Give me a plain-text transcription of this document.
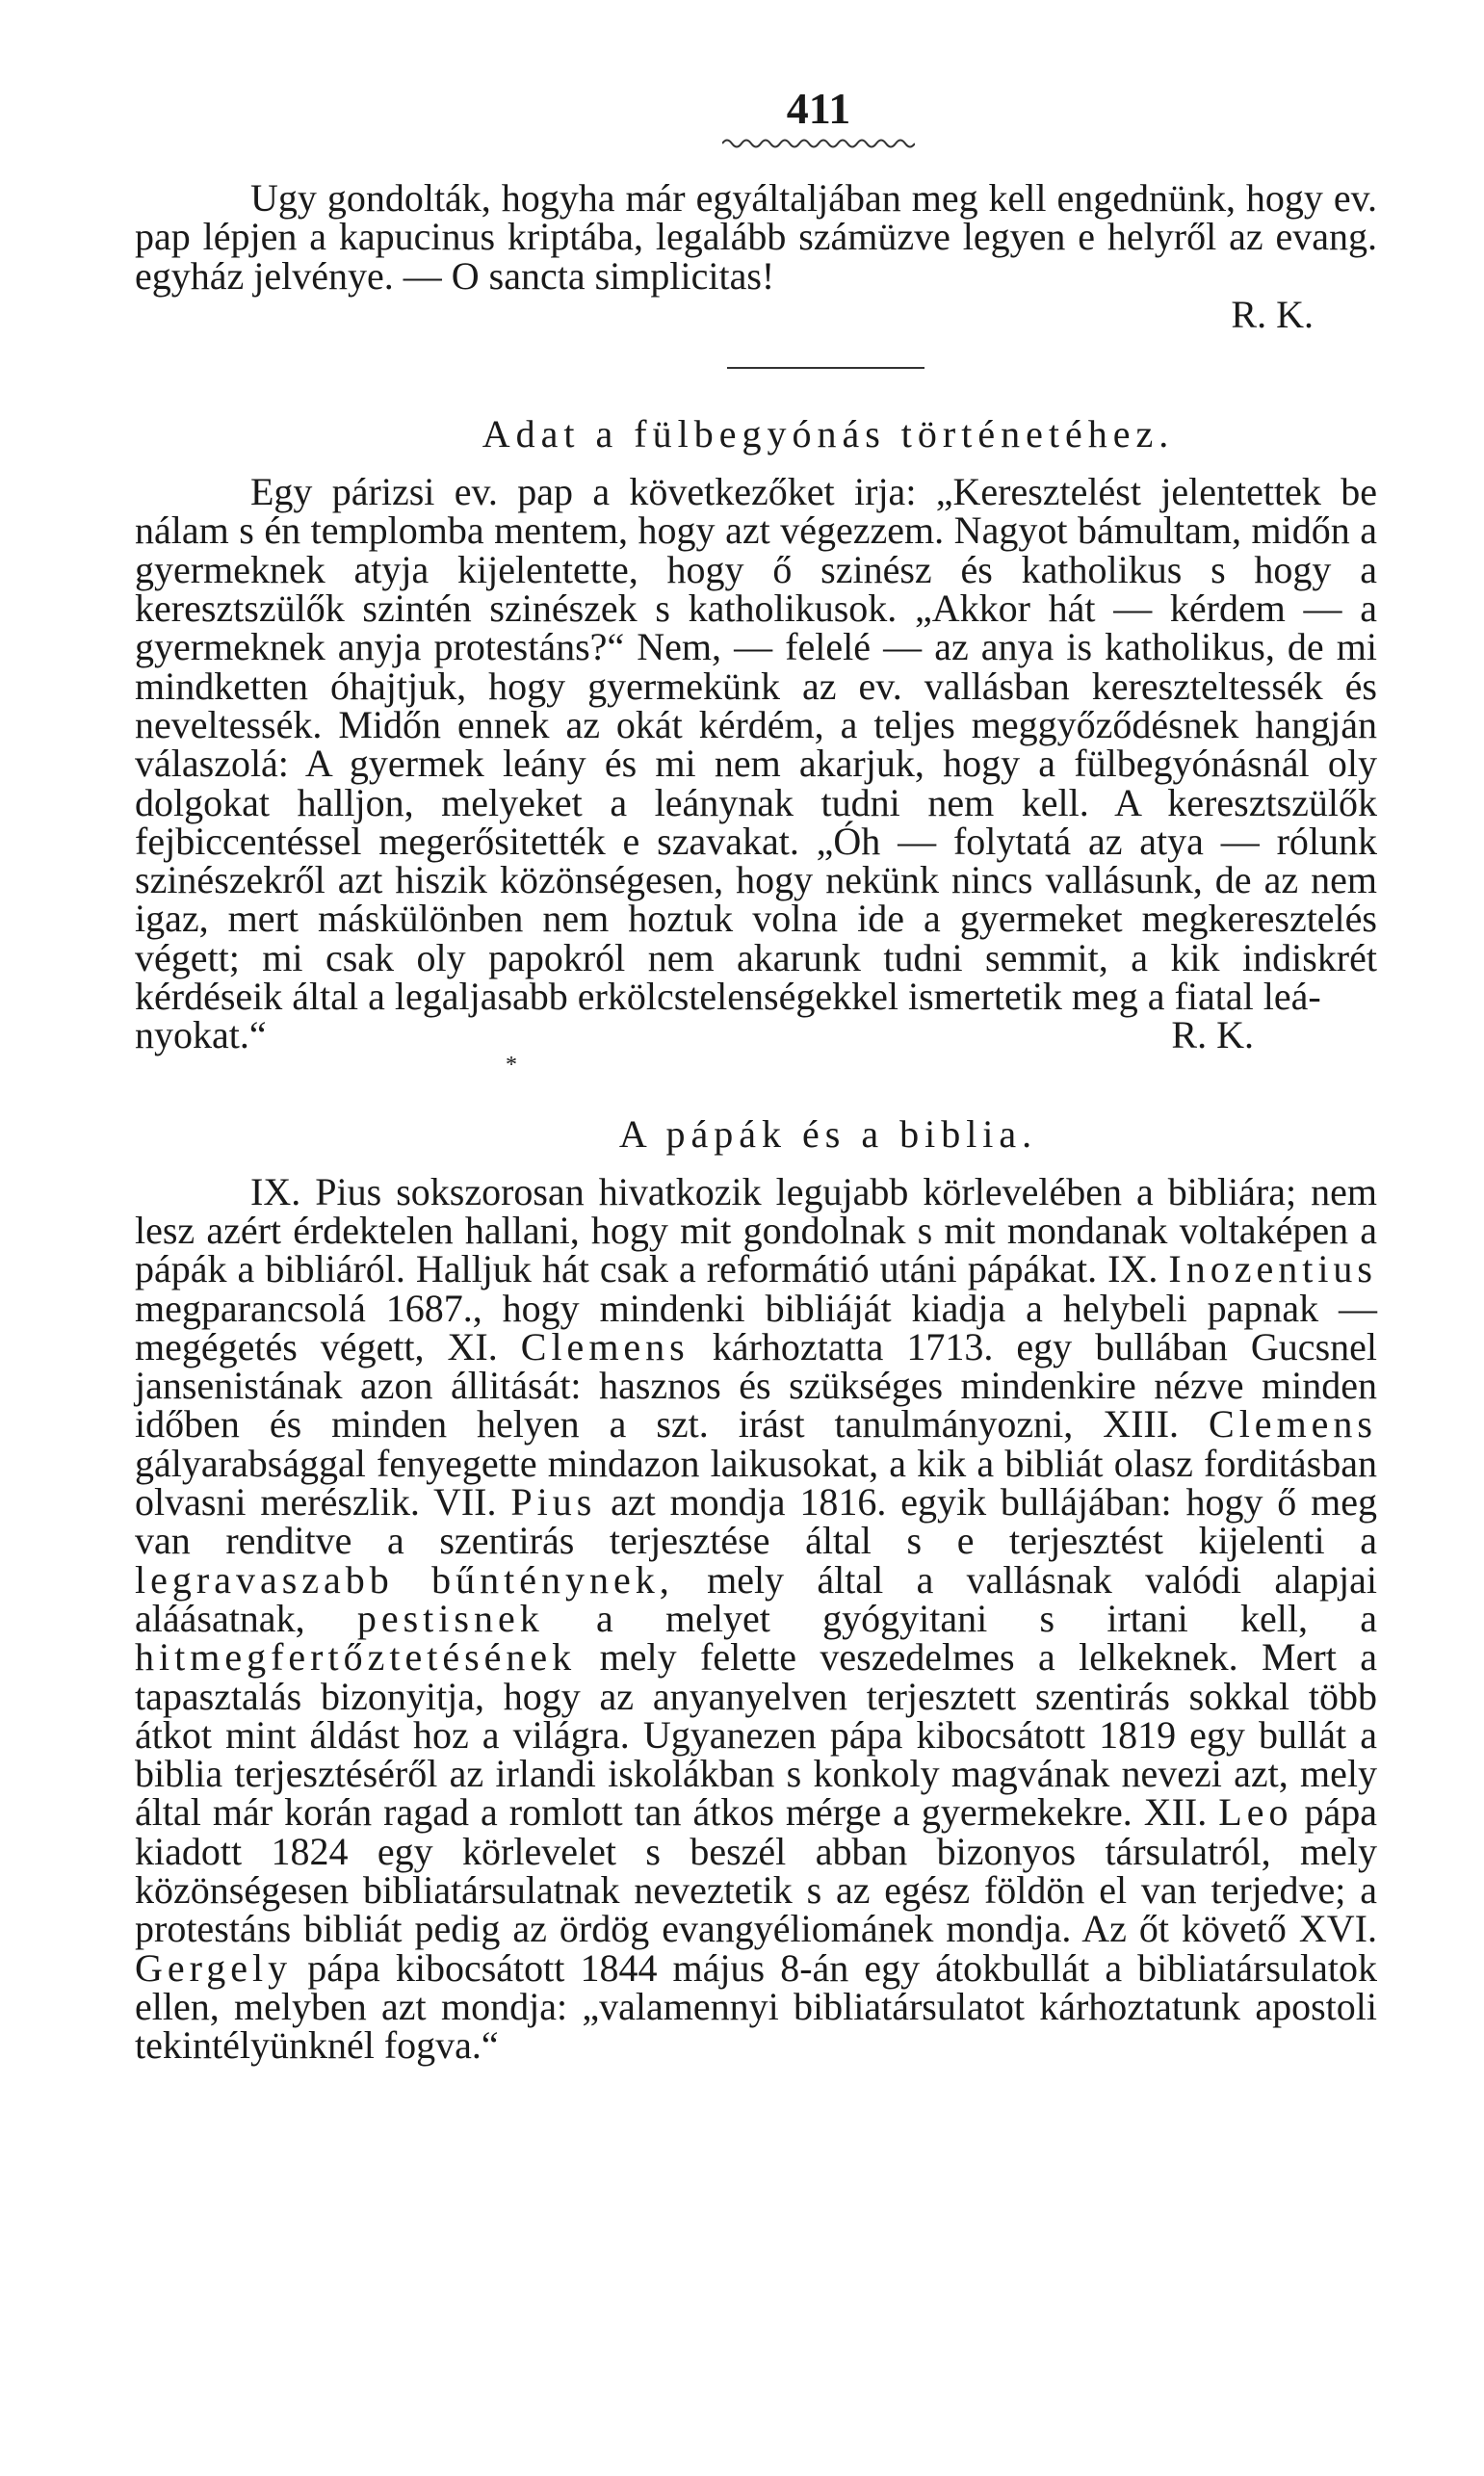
411

Ugy gondolták, hogyha már egyáltaljában meg kell engednünk, hogy ev. pap lépjen a kapucinus kriptába, legalább számüzve legyen e helyről az evang. egyház jelvénye. — O sancta simplicitas!

R. K.

Adat a fülbegyónás történetéhez.

Egy párizsi ev. pap a következőket irja: „Keresztelést jelentettek be nálam s én templomba mentem, hogy azt végezzem. Nagyot bámultam, midőn a gyermeknek atyja kijelentette, hogy ő szinész és katholikus s hogy a keresztszülők szintén szinészek s katholikusok. „Akkor hát — kérdem — a gyermeknek anyja protestáns?“ Nem, — felelé — az anya is katholikus, de mi mindketten óhajtjuk, hogy gyermekünk az ev. vallásban kereszteltessék és neveltessék. Midőn ennek az okát kérdém, a teljes meggyőződésnek hangján válaszolá: A gyermek leány és mi nem akarjuk, hogy a fülbegyónásnál oly dolgokat halljon, melyeket a leánynak tudni nem kell. A keresztszülők fejbiccentéssel megerősitették e szavakat. „Óh — folytatá az atya — rólunk szinészekről azt hiszik közönségesen, hogy nekünk nincs vallásunk, de az nem igaz, mert máskülönben nem hoztuk volna ide a gyermeket megkeresztelés végett; mi csak oly papokról nem akarunk tudni semmit, a kik indiskrét kérdéseik által a legaljasabb erkölcstelenségekkel ismertetik meg a fiatal leá-

nyokat.“	R. K.
*
A pápák és a biblia.

IX. Pius sokszorosan hivatkozik legujabb körlevelében a bibliára; nem lesz azért érdektelen hallani, hogy mit gondolnak s mit mondanak voltaképen a pápák a bibliáról. Halljuk hát csak a reformátió utáni pápákat. IX. Inozentius megparancsolá 1687., hogy mindenki bibliáját kiadja a helybeli papnak — megégetés végett, XI. Clemens kárhoztatta 1713. egy bullában Gucsnel jansenistának azon állitását: hasznos és szükséges mindenkire nézve minden időben és minden helyen a szt. irást tanulmányozni, XIII. Clemens gályarabsággal fenyegette mindazon laikusokat, a kik a bibliát olasz forditásban olvasni merészlik. VII. Pius azt mondja 1816. egyik bullájában: hogy ő meg van renditve a szentirás terjesztése által s e terjesztést kijelenti a legravaszabb bűnténynek, mely által a vallásnak valódi alapjai aláásatnak, pestisnek a melyet gyógyitani s irtani kell, a hitmegfertőztetésének mely felette veszedelmes a lelkeknek. Mert a tapasztalás bizonyitja, hogy az anyanyelven terjesztett szentirás sokkal több átkot mint áldást hoz a világra. Ugyanezen pápa kibocsátott 1819 egy bullát a biblia terjesztéséről az irlandi iskolákban s konkoly magvának nevezi azt, mely által már korán ragad a romlott tan átkos mérge a gyermekekre. XII. Leo pápa kiadott 1824 egy körlevelet s beszél abban bizonyos társulatról, mely közönségesen bibliatársulatnak neveztetik s az egész földön el van terjedve; a protestáns bibliát pedig az ördög evangyéliománek mondja. Az őt követő XVI. Gergely pápa kibocsátott 1844 május 8-án egy átokbullát a bibliatársulatok ellen, melyben azt mondja: „valamennyi bibliatársulatot kárhoztatunk apostoli tekintélyünknél fogva.“
